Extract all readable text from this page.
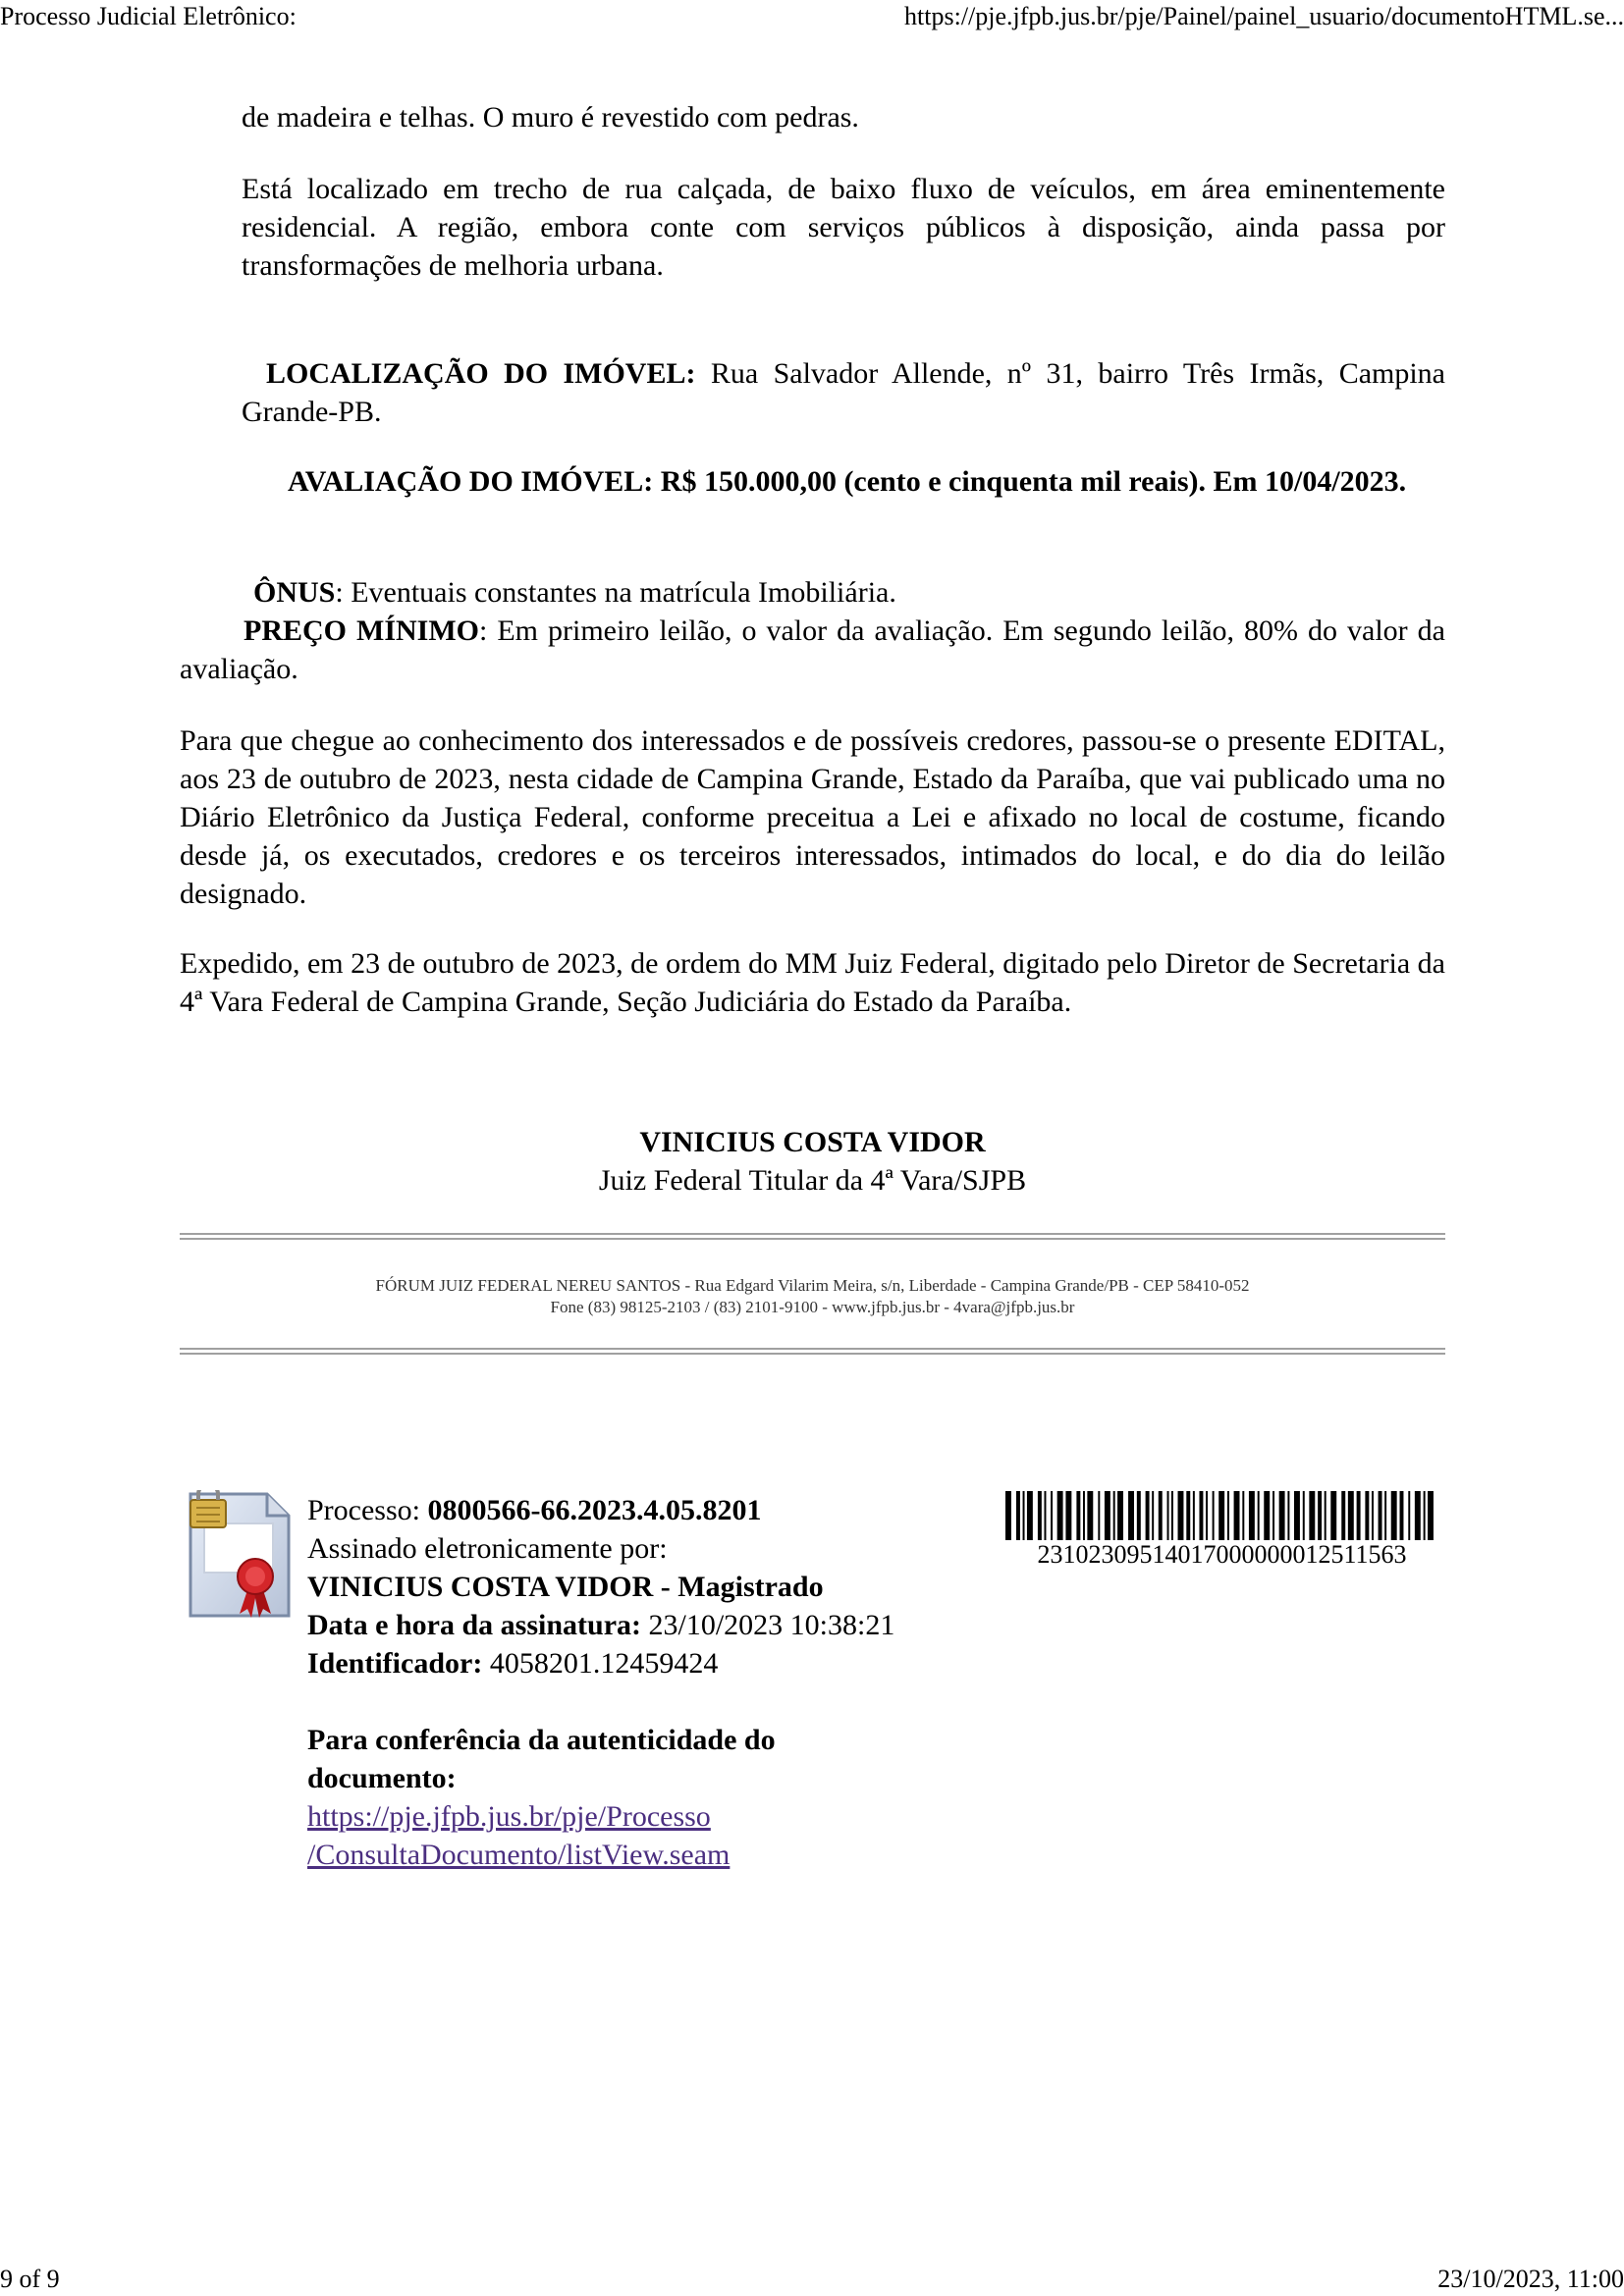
Processo Judicial Eletrônico:	https://pje.jfpb.jus.br/pje/Painel/painel_usuario/documentoHTML.se...
de madeira e telhas. O muro é revestido com pedras.
Está localizado em trecho de rua calçada, de baixo fluxo de veículos, em área eminentemente residencial. A região, embora conte com serviços públicos à disposição, ainda passa por transformações de melhoria urbana.
LOCALIZAÇÃO DO IMÓVEL: Rua Salvador Allende, nº 31, bairro Três Irmãs, Campina Grande-PB.
AVALIAÇÃO DO IMÓVEL: R$ 150.000,00 (cento e cinquenta mil reais). Em 10/04/2023.
ÔNUS: Eventuais constantes na matrícula Imobiliária.
PREÇO MÍNIMO: Em primeiro leilão, o valor da avaliação. Em segundo leilão, 80% do valor da avaliação.
Para que chegue ao conhecimento dos interessados e de possíveis credores, passou-se o presente EDITAL, aos 23 de outubro de 2023, nesta cidade de Campina Grande, Estado da Paraíba, que vai publicado uma no Diário Eletrônico da Justiça Federal, conforme preceitua a Lei e afixado no local de costume, ficando desde já, os executados, credores e os terceiros interessados, intimados do local, e do dia do leilão designado.
Expedido, em 23 de outubro de 2023, de ordem do MM Juiz Federal, digitado pelo Diretor de Secretaria da 4ª Vara Federal de Campina Grande, Seção Judiciária do Estado da Paraíba.
VINICIUS COSTA VIDOR
Juiz Federal Titular da 4ª Vara/SJPB
FÓRUM JUIZ FEDERAL NEREU SANTOS - Rua Edgard Vilarim Meira, s/n, Liberdade - Campina Grande/PB - CEP 58410-052
Fone (83) 98125-2103 / (83) 2101-9100 - www.jfpb.jus.br - 4vara@jfpb.jus.br
Processo: 0800566-66.2023.4.05.8201
Assinado eletronicamente por:
VINICIUS COSTA VIDOR - Magistrado
Data e hora da assinatura: 23/10/2023 10:38:21
Identificador: 4058201.12459424
Para conferência da autenticidade do
documento:
https://pje.jfpb.jus.br/pje/Processo
/ConsultaDocumento/listView.seam
23102309514017000000012511563
9 of 9	23/10/2023, 11:00
